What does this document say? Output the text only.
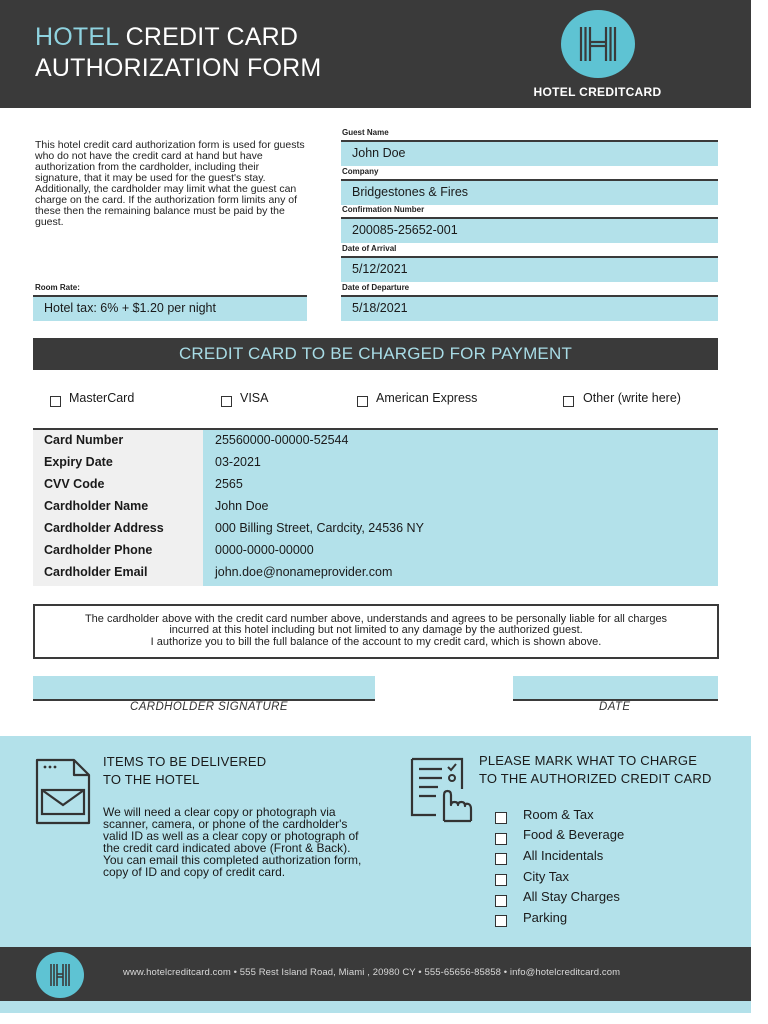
HOTEL CREDIT CARD
AUTHORIZATION FORM
HOTEL CREDITCARD
This hotel credit card authorization form is used for guests who do not have the credit card at hand but have authorization from the cardholder, including their signature, that it may be used for the guest's stay. Additionally, the cardholder may limit what the guest can charge on the card. If the authorization form limits any of these then the remaining balance must be paid by the guest.
Room Rate:
Hotel tax: 6% + $1.20 per night
Guest Name
John Doe
Company
Bridgestones & Fires
Confirmation Number
200085-25652-001
Date of Arrival
5/12/2021
Date of Departure
5/18/2021
CREDIT CARD TO BE CHARGED FOR PAYMENT
MasterCard	VISA	American Express	Other (write here)
Card Number	25560000-00000-52544
Expiry Date	03-2021
CVV Code	2565
Cardholder Name	John Doe
Cardholder Address	000 Billing Street, Cardcity, 24536 NY
Cardholder Phone	0000-0000-00000
Cardholder Email	john.doe@nonameprovider.com
The cardholder above with the credit card number above, understands and agrees to be personally liable for all charges
incurred at this hotel including but not limited to any damage by the authorized guest.
I authorize you to bill the full balance of the account to my credit card, which is shown above.
CARDHOLDER SIGNATURE	DATE
ITEMS TO BE DELIVERED
TO THE HOTEL
We will need a clear copy or photograph via scanner, camera, or phone of the cardholder's valid ID as well as a clear copy or photograph of the credit card indicated above (Front & Back). You can email this completed authorization form, copy of ID and copy of credit card.
PLEASE MARK WHAT TO CHARGE
TO THE AUTHORIZED CREDIT CARD
Room & Tax
Food & Beverage
All Incidentals
City Tax
All Stay Charges
Parking
www.hotelcreditcard.com • 555 Rest Island Road, Miami , 20980 CY • 555-65656-85858 • info@hotelcreditcard.com
